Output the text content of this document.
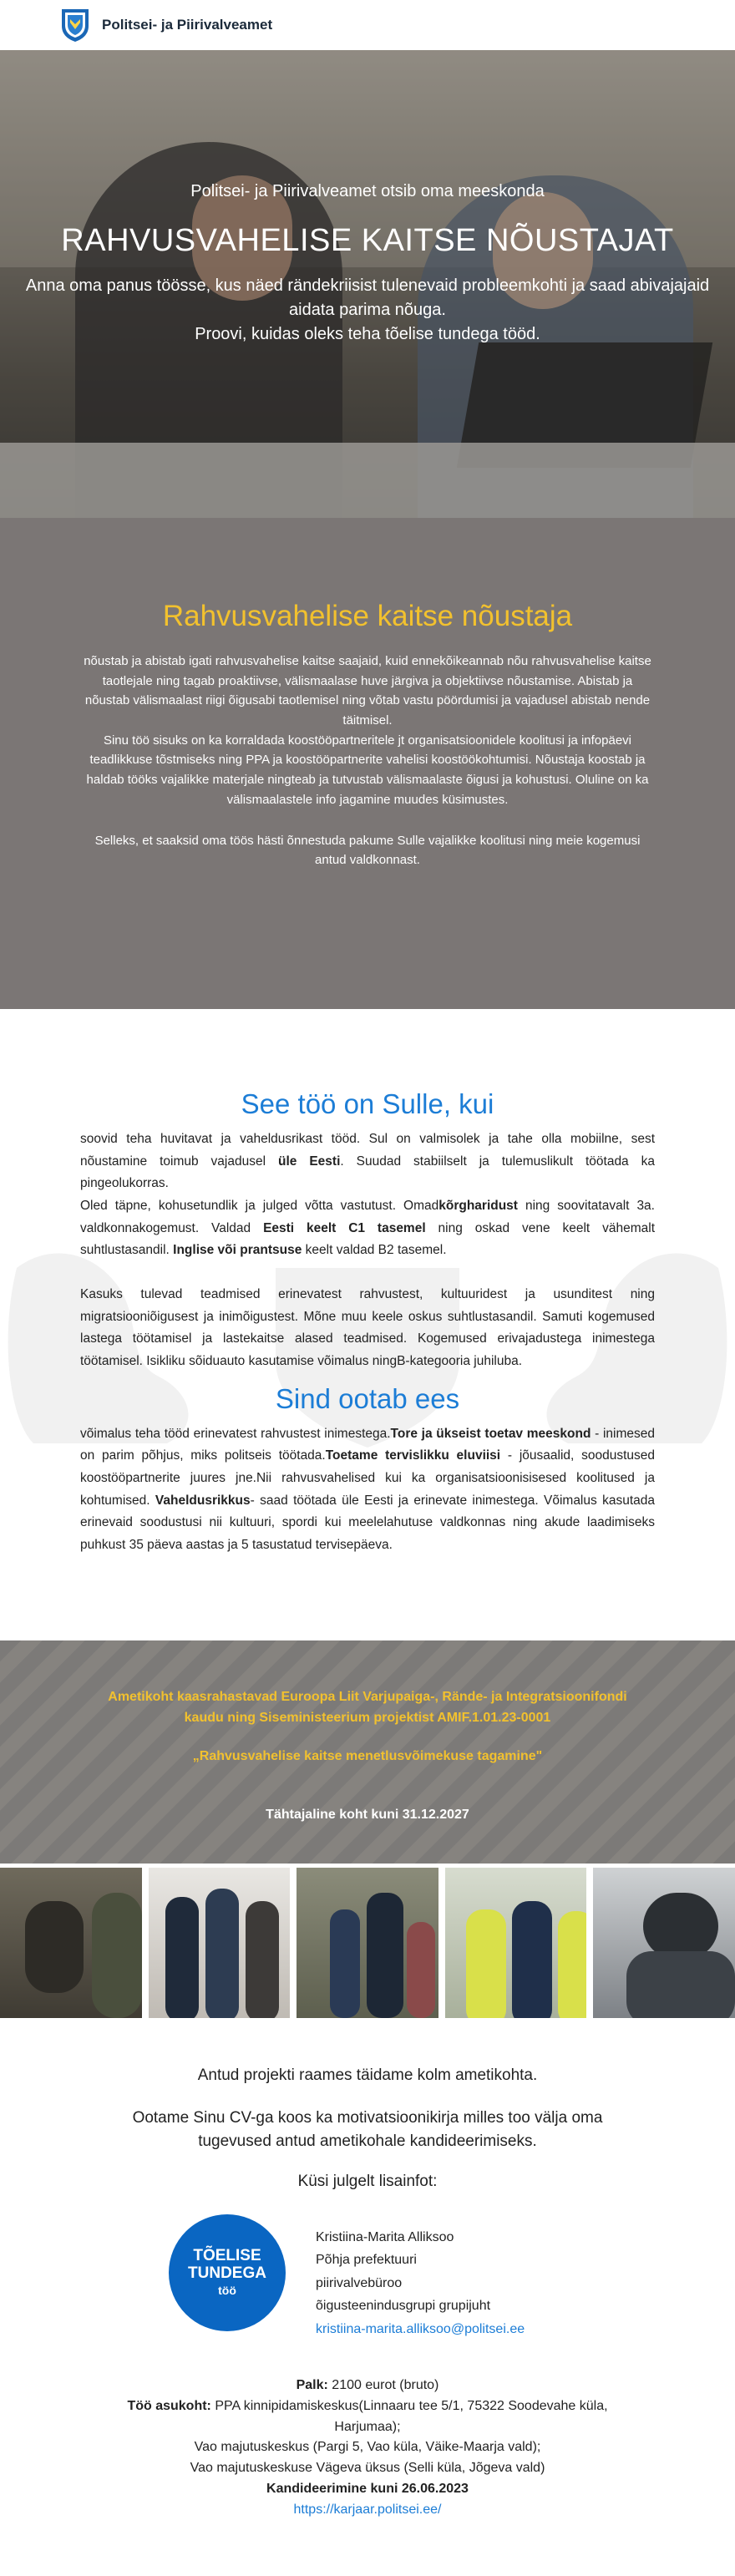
Politsei- ja Piirivalveamet
Politsei- ja Piirivalveamet otsib oma meeskonda
RAHVUSVAHELISE KAITSE NÕUSTAJAT
Anna oma panus töösse, kus näed rändekriisist tulenevaid probleemkohti ja saad abivajajaid aidata parima nõuga.
Proovi, kuidas oleks teha tõelise tundega tööd.
Rahvusvahelise kaitse nõustaja

nõustab ja abistab igati rahvusvahelise kaitse saajaid, kuid ennekõikeannab nõu rahvusvahelise kaitse taotlejale ning tagab proaktiivse, välismaalase huve järgiva ja objektiivse nõustamise. Abistab ja nõustab välismaalast riigi õigusabi taotlemisel ning võtab vastu pöördumisi ja vajadusel abistab nende täitmisel.
Sinu töö sisuks on ka korraldada koostööpartneritele jt organisatsioonidele koolitusi ja infopäevi teadlikkuse tõstmiseks ning PPA ja koostööpartnerite vahelisi koostöökohtumisi. Nõustaja koostab ja haldab tööks vajalikke materjale ningteab ja tutvustab välismaalaste õigusi ja kohustusi. Oluline on ka välismaalastele info jagamine muudes küsimustes.

Selleks, et saaksid oma töös hästi õnnestuda pakume Sulle vajalikke koolitusi ning meie kogemusi antud valdkonnast.

See töö on Sulle, kui

soovid teha huvitavat ja vaheldusrikast tööd. Sul on valmisolek ja tahe olla mobiilne, sest nõustamine toimub vajadusel üle Eesti. Suudad stabiilselt ja tulemuslikult töötada ka pingeolukorras.
Oled täpne, kohusetundlik ja julged võtta vastutust. Omadkõrgharidust ning soovitatavalt 3a. valdkonnakogemust. Valdad Eesti keelt C1 tasemel ning oskad vene keelt vähemalt suhtlustasandil. Inglise või prantsuse keelt valdad B2 tasemel.

Kasuks tulevad teadmised erinevatest rahvustest, kultuuridest ja usunditest ning migratsiooniõigusest ja inimõigustest. Mõne muu keele oskus suhtlustasandil. Samuti kogemused lastega töötamisel ja lastekaitse alased teadmised. Kogemused erivajadustega inimestega töötamisel. Isikliku sõiduauto kasutamise võimalus ningB-kategooria juhiluba.

Sind ootab ees

võimalus teha tööd erinevatest rahvustest inimestega.Tore ja ükseist toetav meeskond - inimesed on parim põhjus, miks politseis töötada.Toetame tervislikku eluviisi - jõusaalid, soodustused koostööpartnerite juures jne.Nii rahvusvahelised kui ka organisatsioonisisesed koolitused ja kohtumised. Vaheldusrikkus- saad töötada üle Eesti ja erinevate inimestega. Võimalus kasutada erinevaid soodustusi nii kultuuri, spordi kui meelelahutuse valdkonnas ning akude laadimiseks puhkust 35 päeva aastas ja 5 tasustatud tervisepäeva.

Ametikoht kaasrahastavad Euroopa Liit Varjupaiga-, Rände- ja Integratsioonifondi
kaudu ning Siseministeerium projektist AMIF.1.01.23-0001
„Rahvusvahelise kaitse menetlusvõimekuse tagamine"
Tähtajaline koht kuni 31.12.2027
Antud projekti raames täidame kolm ametikohta.
Ootame Sinu CV-ga koos ka motivatsioonikirja milles too välja oma tugevused antud ametikohale kandideerimiseks.
Küsi julgelt lisainfot:
TÕELISE
TUNDEGA
töö
Kristiina-Marita Alliksoo
Põhja prefektuuri
piirivalvebüroo
õigusteenindusgrupi grupijuht
kristiina-marita.alliksoo@politsei.ee
Palk: 2100 eurot (bruto)
Töö asukoht: PPA kinnipidamiskeskus(Linnaaru tee 5/1, 75322 Soodevahe küla, Harjumaa);
Vao majutuskeskus (Pargi 5, Vao küla, Väike-Maarja vald);
Vao majutuskeskuse Vägeva üksus (Selli küla, Jõgeva vald)
Kandideerimine kuni 26.06.2023
https://karjaar.politsei.ee/
